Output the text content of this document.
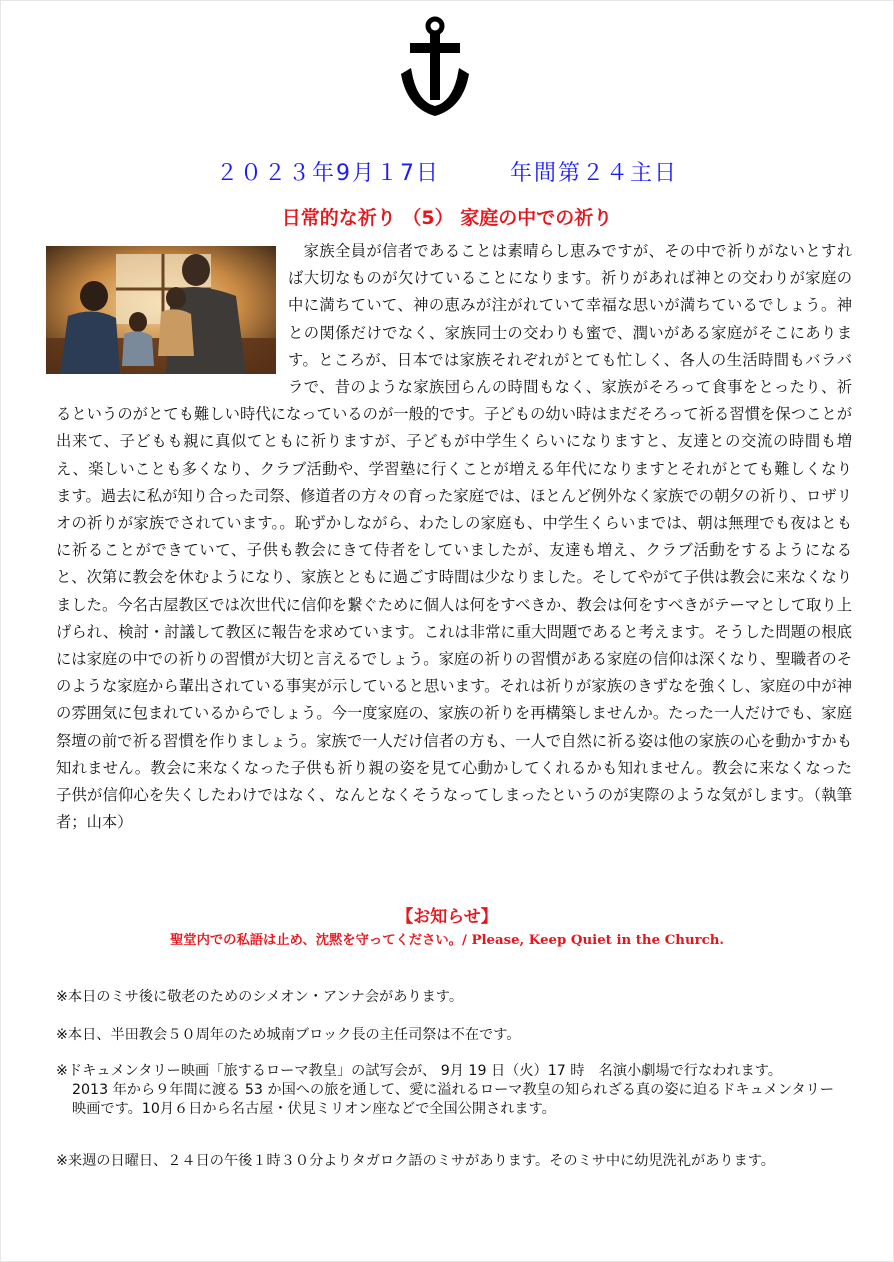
２０２３年9月１7日	年間第２４主日
日常的な祈り （5） 家庭の中での祈り
　家族全員が信者であることは素晴らし恵みですが、その中で祈りがないとすれば大切なものが欠けていることになります。祈りがあれば神との交わりが家庭の中に満ちていて、神の恵みが注がれていて幸福な思いが満ちているでしょう。神との関係だけでなく、家族同士の交わりも蜜で、潤いがある家庭がそこにあります。ところが、日本では家族それぞれがとても忙しく、各人の生活時間もバラバラで、昔のような家族団らんの時間もなく、家族がそろって食事をとったり、祈るというのがとても難しい時代になっているのが一般的です。子どもの幼い時はまだそろって祈る習慣を保つことが出来て、子どもも親に真似てともに祈りますが、子どもが中学生くらいになりますと、友達との交流の時間も増え、楽しいことも多くなり、クラブ活動や、学習塾に行くことが増える年代になりますとそれがとても難しくなります。過去に私が知り合った司祭、修道者の方々の育った家庭では、ほとんど例外なく家族での朝夕の祈り、ロザリオの祈りが家族でされています。。恥ずかしながら、わたしの家庭も、中学生くらいまでは、朝は無理でも夜はともに祈ることができていて、子供も教会にきて侍者をしていましたが、友達も増え、クラブ活動をするようになると、次第に教会を休むようになり、家族とともに過ごす時間は少なりました。そしてやがて子供は教会に来なくなりました。今名古屋教区では次世代に信仰を繋ぐために個人は何をすべきか、教会は何をすべきがテーマとして取り上げられ、検討・討議して教区に報告を求めています。これは非常に重大問題であると考えます。そうした問題の根底には家庭の中での祈りの習慣が大切と言えるでしょう。家庭の祈りの習慣がある家庭の信仰は深くなり、聖職者のそのような家庭から輩出されている事実が示していると思います。それは祈りが家族のきずなを強くし、家庭の中が神の雰囲気に包まれているからでしょう。今一度家庭の、家族の祈りを再構築しませんか。たった一人だけでも、家庭祭壇の前で祈る習慣を作りましょう。家族で一人だけ信者の方も、一人で自然に祈る姿は他の家族の心を動かすかも知れません。教会に来なくなった子供も祈り親の姿を見て心動かしてくれるかも知れません。教会に来なくなった子供が信仰心を失くしたわけではなく、なんとなくそうなってしまったというのが実際のような気がします。（執筆者；山本）
【お知らせ】
聖堂内での私語は止め、沈黙を守ってください。/ Please, Keep Quiet in the Church.

※本日のミサ後に敬老のためのシメオン・アンナ会があります。

※本日、半田教会５０周年のため城南ブロック長の主任司祭は不在です。

※ドキュメンタリー映画「旅するローマ教皇」の試写会が、 9月 19 日（火）17 時　名演小劇場で行なわれます。
2013 年から９年間に渡る 53 か国への旅を通して、愛に溢れるローマ教皇の知られざる真の姿に迫るドキュメンタリー映画です。10月６日から名古屋・伏見ミリオン座などで全国公開されます。

※来週の日曜日、２４日の午後１時３０分よりタガロク語のミサがあります。そのミサ中に幼児洗礼があります。
